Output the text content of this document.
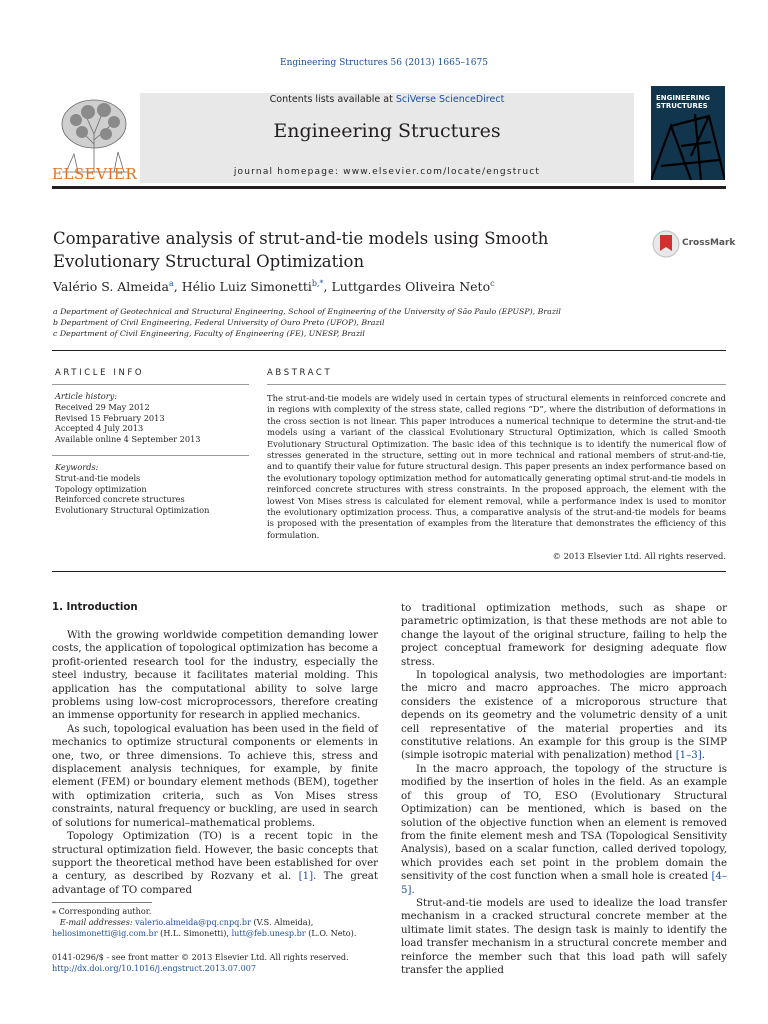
Engineering Structures 56 (2013) 1665–1675
ELSEVIER
Contents lists available at SciVerse ScienceDirect
Engineering Structures
journal homepage: www.elsevier.com/locate/engstruct
ENGINEERING
STRUCTURES
Comparative analysis of strut-and-tie models using Smooth Evolutionary Structural Optimization
CrossMark
Valério S. Almeida$^a$, Hélio Luiz Simonetti$^{b,*}$, Luttgardes Oliveira Neto$^c$
a Department of Geotechnical and Structural Engineering, School of Engineering of the University of São Paulo (EPUSP), Brazil
b Department of Civil Engineering, Federal University of Ouro Preto (UFOP), Brazil
c Department of Civil Engineering, Faculty of Engineering (FE), UNESP, Brazil
ARTICLE INFO
Article history:
Received 29 May 2012
Revised 15 February 2013
Accepted 4 July 2013
Available online 4 September 2013
Keywords:
Strut-and-tie models
Topology optimization
Reinforced concrete structures
Evolutionary Structural Optimization
ABSTRACT
The strut-and-tie models are widely used in certain types of structural elements in reinforced concrete and in regions with complexity of the stress state, called regions “D”, where the distribution of deformations in the cross section is not linear. This paper introduces a numerical technique to determine the strut-and-tie models using a variant of the classical Evolutionary Structural Optimization, which is called Smooth Evolutionary Structural Optimization. The basic idea of this technique is to identify the numerical flow of stresses generated in the structure, setting out in more technical and rational members of strut-and-tie, and to quantify their value for future structural design. This paper presents an index performance based on the evolutionary topology optimization method for automatically generating optimal strut-and-tie models in reinforced concrete structures with stress constraints. In the proposed approach, the element with the lowest Von Mises stress is calculated for element removal, while a performance index is used to monitor the evolutionary optimization process. Thus, a comparative analysis of the strut-and-tie models for beams is proposed with the presentation of examples from the literature that demonstrates the efficiency of this formulation.
© 2013 Elsevier Ltd. All rights reserved.
1. Introduction

With the growing worldwide competition demanding lower costs, the application of topological optimization has become a profit-oriented research tool for the industry, especially the steel industry, because it facilitates material molding. This application has the computational ability to solve large problems using low-cost microprocessors, therefore creating an immense opportunity for research in applied mechanics.

As such, topological evaluation has been used in the field of mechanics to optimize structural components or elements in one, two, or three dimensions. To achieve this, stress and displacement analysis techniques, for example, by finite element (FEM) or boundary element methods (BEM), together with optimization criteria, such as Von Mises stress constraints, natural frequency or buckling, are used in search of solutions for numerical–mathematical problems.

Topology Optimization (TO) is a recent topic in the structural optimization field. However, the basic concepts that support the theoretical method have been established for over a century, as described by Rozvany et al. [1]. The great advantage of TO compared

to traditional optimization methods, such as shape or parametric optimization, is that these methods are not able to change the layout of the original structure, failing to help the project conceptual framework for designing adequate flow stress.

In topological analysis, two methodologies are important: the micro and macro approaches. The micro approach considers the existence of a microporous structure that depends on its geometry and the volumetric density of a unit cell representative of the material properties and its constitutive relations. An example for this group is the SIMP (simple isotropic material with penalization) method [1–3].

In the macro approach, the topology of the structure is modified by the insertion of holes in the field. As an example of this group of TO, ESO (Evolutionary Structural Optimization) can be mentioned, which is based on the solution of the objective function when an element is removed from the finite element mesh and TSA (Topological Sensitivity Analysis), based on a scalar function, called derived topology, which provides each set point in the problem domain the sensitivity of the cost function when a small hole is created [4–5].

Strut-and-tie models are used to idealize the load transfer mechanism in a cracked structural concrete member at the ultimate limit states. The design task is mainly to identify the load transfer mechanism in a structural concrete member and reinforce the member such that this load path will safely transfer the applied

⁎ Corresponding author.
E-mail addresses: valerio.almeida@pq.cnpq.br (V.S. Almeida), heliosimonetti@ig.com.br (H.L. Simonetti), lutt@feb.unesp.br (L.O. Neto).
0141-0296/$ - see front matter © 2013 Elsevier Ltd. All rights reserved.
http://dx.doi.org/10.1016/j.engstruct.2013.07.007
